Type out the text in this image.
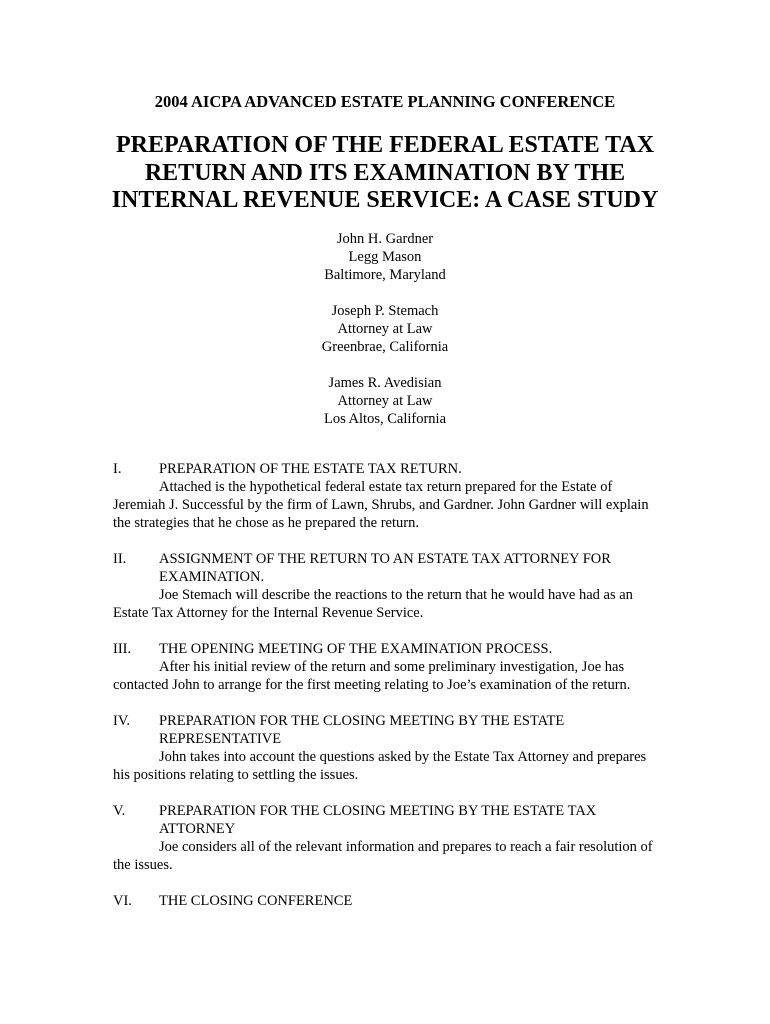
2004 AICPA ADVANCED ESTATE PLANNING CONFERENCE
PREPARATION OF THE FEDERAL ESTATE TAX
RETURN AND ITS EXAMINATION BY THE
INTERNAL REVENUE SERVICE: A CASE STUDY
John H. Gardner
Legg Mason
Baltimore, Maryland
Joseph P. Stemach
Attorney at Law
Greenbrae, California
James R. Avedisian
Attorney at Law
Los Altos, California
I.	PREPARATION OF THE ESTATE TAX RETURN.
Attached is the hypothetical federal estate tax return prepared for the Estate of Jeremiah J. Successful by the firm of Lawn, Shrubs, and Gardner. John Gardner will explain the strategies that he chose as he prepared the return.
II.	ASSIGNMENT OF THE RETURN TO AN ESTATE TAX ATTORNEY FOR EXAMINATION.
Joe Stemach will describe the reactions to the return that he would have had as an Estate Tax Attorney for the Internal Revenue Service.
III.	THE OPENING MEETING OF THE EXAMINATION PROCESS.
After his initial review of the return and some preliminary investigation, Joe has contacted John to arrange for the first meeting relating to Joe’s examination of the return.
IV.	PREPARATION FOR THE CLOSING MEETING BY THE ESTATE REPRESENTATIVE
John takes into account the questions asked by the Estate Tax Attorney and prepares his positions relating to settling the issues.
V.	PREPARATION FOR THE CLOSING MEETING BY THE ESTATE TAX ATTORNEY
Joe considers all of the relevant information and prepares to reach a fair resolution of the issues.
VI.	THE CLOSING CONFERENCE
